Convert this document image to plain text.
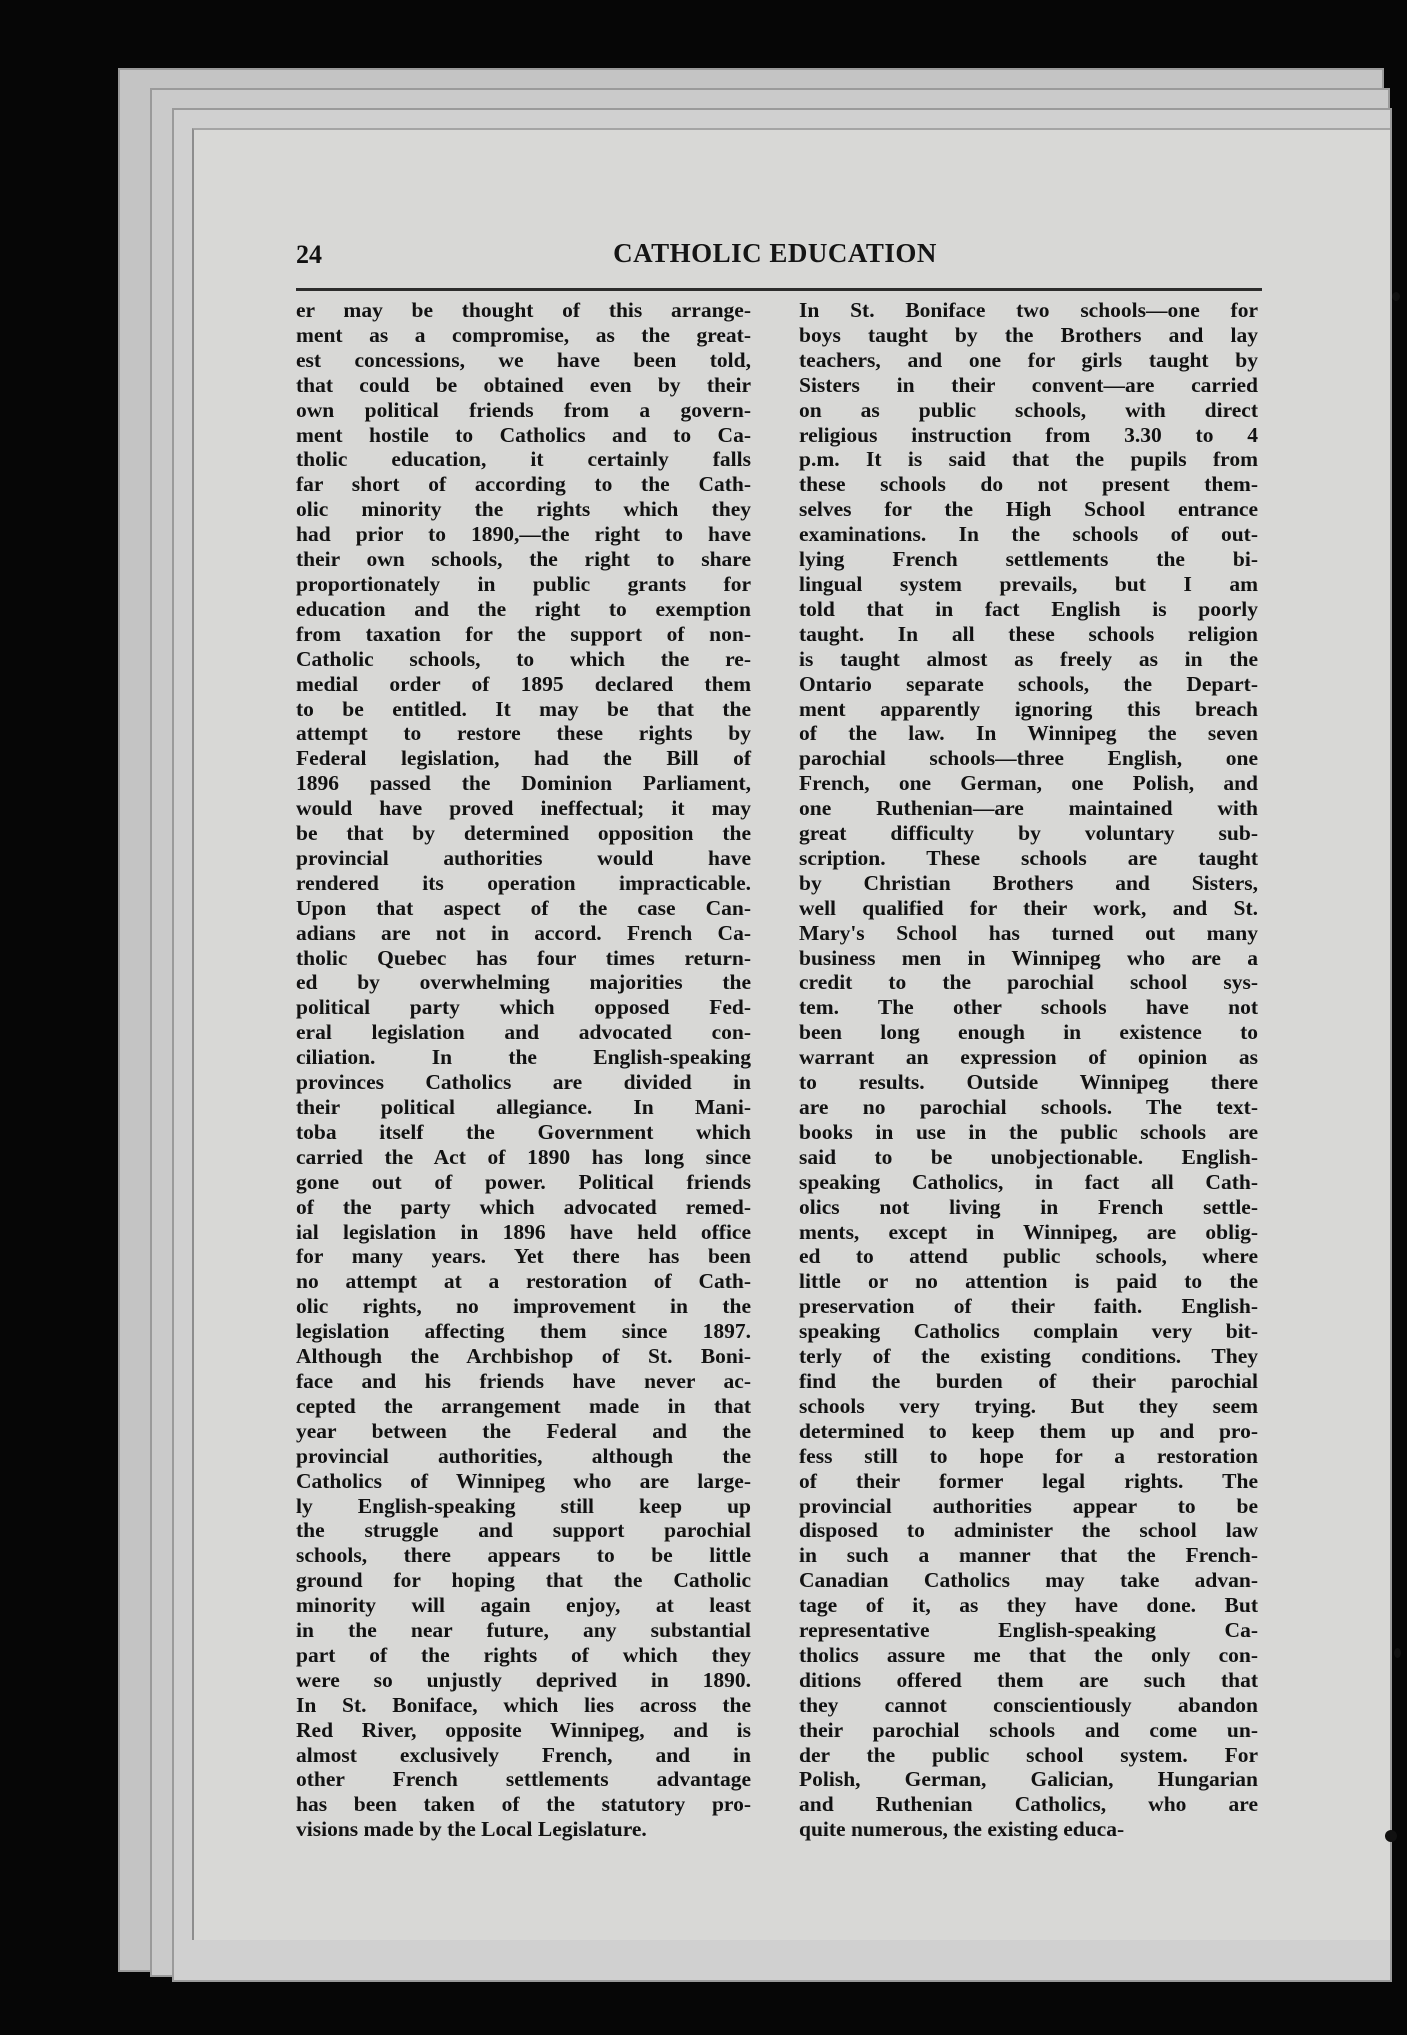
24	CATHOLIC EDUCATION
er may be thought of this arrange-
ment as a compromise, as the great-
est concessions, we have been told,
that could be obtained even by their
own political friends from a govern-
ment hostile to Catholics and to Ca-
tholic education, it certainly falls
far short of according to the Cath-
olic minority the rights which they
had prior to 1890,—the right to have
their own schools, the right to share
proportionately in public grants for
education and the right to exemption
from taxation for the support of non-
Catholic schools, to which the re-
medial order of 1895 declared them
to be entitled. It may be that the
attempt to restore these rights by
Federal legislation, had the Bill of
1896 passed the Dominion Parliament,
would have proved ineffectual; it may
be that by determined opposition the
provincial authorities would have
rendered its operation impracticable.
Upon that aspect of the case Can-
adians are not in accord. French Ca-
tholic Quebec has four times return-
ed by overwhelming majorities the
political party which opposed Fed-
eral legislation and advocated con-
ciliation. In the English-speaking
provinces Catholics are divided in
their political allegiance. In Mani-
toba itself the Government which
carried the Act of 1890 has long since
gone out of power. Political friends
of the party which advocated remed-
ial legislation in 1896 have held office
for many years. Yet there has been
no attempt at a restoration of Cath-
olic rights, no improvement in the
legislation affecting them since 1897.
Although the Archbishop of St. Boni-
face and his friends have never ac-
cepted the arrangement made in that
year between the Federal and the
provincial authorities, although the
Catholics of Winnipeg who are large-
ly English-speaking still keep up
the struggle and support parochial
schools, there appears to be little
ground for hoping that the Catholic
minority will again enjoy, at least
in the near future, any substantial
part of the rights of which they
were so unjustly deprived in 1890.
In St. Boniface, which lies across the
Red River, opposite Winnipeg, and is
almost exclusively French, and in
other French settlements advantage
has been taken of the statutory pro-
visions made by the Local Legislature.
In St. Boniface two schools—one for
boys taught by the Brothers and lay
teachers, and one for girls taught by
Sisters in their convent—are carried
on as public schools, with direct
religious instruction from 3.30 to 4
p.m. It is said that the pupils from
these schools do not present them-
selves for the High School entrance
examinations. In the schools of out-
lying French settlements the bi-
lingual system prevails, but I am
told that in fact English is poorly
taught. In all these schools religion
is taught almost as freely as in the
Ontario separate schools, the Depart-
ment apparently ignoring this breach
of the law. In Winnipeg the seven
parochial schools—three English, one
French, one German, one Polish, and
one Ruthenian—are maintained with
great difficulty by voluntary sub-
scription. These schools are taught
by Christian Brothers and Sisters,
well qualified for their work, and St.
Mary's School has turned out many
business men in Winnipeg who are a
credit to the parochial school sys-
tem. The other schools have not
been long enough in existence to
warrant an expression of opinion as
to results. Outside Winnipeg there
are no parochial schools. The text-
books in use in the public schools are
said to be unobjectionable. English-
speaking Catholics, in fact all Cath-
olics not living in French settle-
ments, except in Winnipeg, are oblig-
ed to attend public schools, where
little or no attention is paid to the
preservation of their faith. English-
speaking Catholics complain very bit-
terly of the existing conditions. They
find the burden of their parochial
schools very trying. But they seem
determined to keep them up and pro-
fess still to hope for a restoration
of their former legal rights. The
provincial authorities appear to be
disposed to administer the school law
in such a manner that the French-
Canadian Catholics may take advan-
tage of it, as they have done. But
representative English-speaking Ca-
tholics assure me that the only con-
ditions offered them are such that
they cannot conscientiously abandon
their parochial schools and come un-
der the public school system. For
Polish, German, Galician, Hungarian
and Ruthenian Catholics, who are
quite numerous, the existing educa-
